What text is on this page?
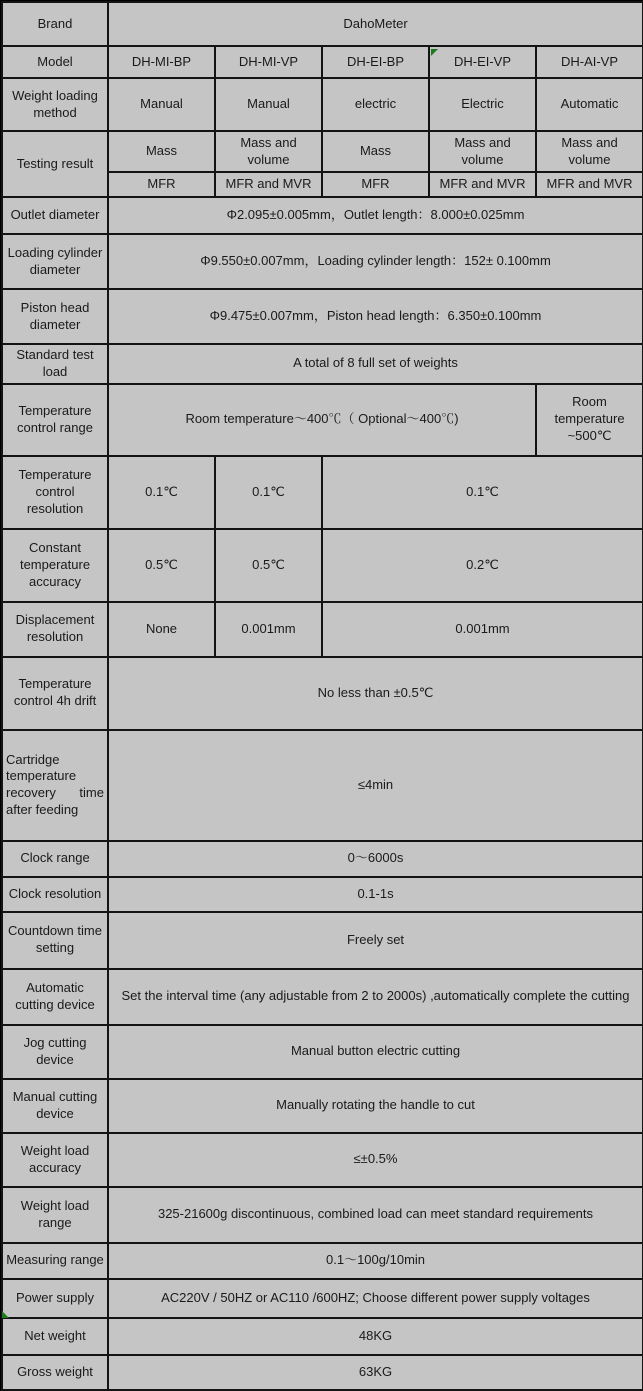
Brand	DahoMeter				
Model	DH-MI-BP	DH-MI-VP	DH-EI-BP	DH-EI-VP	DH-AI-VP
Weight loading method	Manual	Manual	electric	Electric	Automatic
Testing result	Mass	Mass and volume	Mass	Mass and volume	Mass and volume
	MFR	MFR and MVR	MFR	MFR and MVR	MFR and MVR
Outlet diameter	Φ2.095±0.005mm，Outlet length：8.000±0.025mm				
Loading cylinder diameter	Φ9.550±0.007mm，Loading cylinder length：152± 0.100mm				
Piston head diameter	Φ9.475±0.007mm，Piston head length：6.350±0.100mm				
Standard test load	A total of 8 full set of weights				
Temperature control range	Room temperature～400℃（ Optional～400℃)				Room temperature ~500℃
Temperature control resolution	0.1℃	0.1℃	0.1℃		
Constant temperature accuracy	0.5℃	0.5℃	0.2℃		
Displacement resolution	None	0.001mm	0.001mm		
Temperature control 4h drift	No less than ±0.5℃				
Cartridge temperature recovery time after feeding	≤4min				
Clock range	0～6000s				
Clock resolution	0.1-1s				
Countdown time setting	Freely set				
Automatic cutting device	Set the interval time (any adjustable from 2 to 2000s) ,automatically complete the cutting				
Jog cutting device	Manual button electric cutting				
Manual cutting device	Manually rotating the handle to cut				
Weight load accuracy	≤±0.5%				
Weight load range	325-21600g discontinuous, combined load can meet standard requirements				
Measuring range	0.1～100g/10min				
Power supply	AC220V / 50HZ or AC110 /600HZ; Choose different power supply voltages				
Net weight	48KG				
Gross weight	63KG				
